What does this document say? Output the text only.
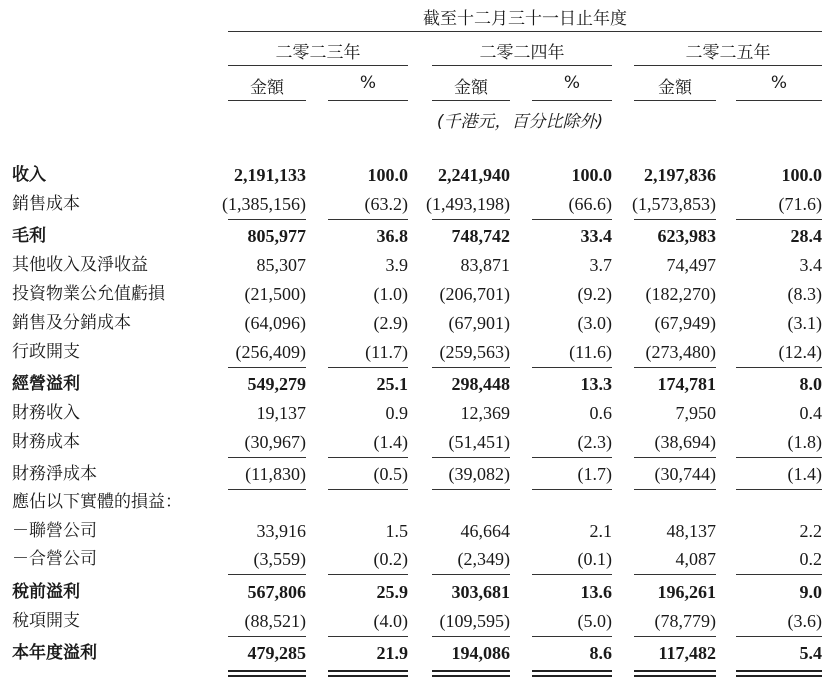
截至十二月三十一日止年度
二零二三年	二零二四年	二零二五年
金額	%	金額	%	金額	%
(千港元，百分比除外)
收入	2,191,133	100.0	2,241,940	100.0	2,197,836	100.0
銷售成本	(1,385,156)	(63.2)	(1,493,198)	(66.6)	(1,573,853)	(71.6)
毛利	805,977	36.8	748,742	33.4	623,983	28.4
其他收入及淨收益	85,307	3.9	83,871	3.7	74,497	3.4
投資物業公允值虧損	(21,500)	(1.0)	(206,701)	(9.2)	(182,270)	(8.3)
銷售及分銷成本	(64,096)	(2.9)	(67,901)	(3.0)	(67,949)	(3.1)
行政開支	(256,409)	(11.7)	(259,563)	(11.6)	(273,480)	(12.4)
經營溢利	549,279	25.1	298,448	13.3	174,781	8.0
財務收入	19,137	0.9	12,369	0.6	7,950	0.4
財務成本	(30,967)	(1.4)	(51,451)	(2.3)	(38,694)	(1.8)
財務淨成本	(11,830)	(0.5)	(39,082)	(1.7)	(30,744)	(1.4)
應佔以下實體的損益：
－聯營公司	33,916	1.5	46,664	2.1	48,137	2.2
－合營公司	(3,559)	(0.2)	(2,349)	(0.1)	4,087	0.2
稅前溢利	567,806	25.9	303,681	13.6	196,261	9.0
稅項開支	(88,521)	(4.0)	(109,595)	(5.0)	(78,779)	(3.6)
本年度溢利	479,285	21.9	194,086	8.6	117,482	5.4
